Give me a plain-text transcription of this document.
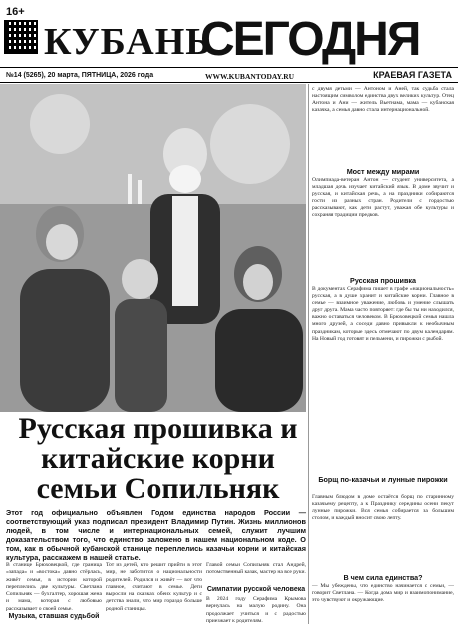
16+
КУБАНЬ
СЕГОДНЯ
№14 (5265), 20 марта, ПЯТНИЦА, 2026 года	WWW.KUBANTODAY.RU	КРАЕВАЯ ГАЗЕТА
Русская прошивка и китайские корни семьи Сопильняк
Этот год официально объявлен Годом единства народов России — соответствующий указ подписал президент Владимир Путин. Жизнь миллионов людей, в том числе и интернациональных семей, служит лучшим доказательством того, что единство заложено в нашем национальном коде. О том, как в обычной кубанской станице переплелись казачьи корни и китайская культура, расскажем в нашей статье.
В станице Брюховецкой, где граница «запада» и «востока» давно стёрлась, живёт семья, в истории которой переплелись две культуры. Светлана Сопильняк — бухгалтер, хорошая жена и мама, которая с любовью рассказывает о своей семье.
Музыка, ставшая судьбой
Тот из детей, кто решит прийти в этот мир, не заботится о национальности родителей. Родился и живёт — вот что главное, считают в семье. Дети выросли на сказках обеих культур и с детства знали, что мир гораздо больше родной станицы.
Главой семьи Сопильняк стал Андрей, потомственный казак, мастер на все руки.
Симпатии русской человека
В 2024 году Серафима Крымова вернулась на малую родину. Она продолжает учиться и с радостью приезжает к родителям.
с двумя детьми — Антоном и Аней, так судьба стала настоящим символом единства двух великих культур. Отец Антона и Ани — житель Вьетнама, мама — кубанская казачка, а семья давно стала интернациональной.
Мост между мирами
Олимпиада-ветеран Антон — студент университета, а младшая дочь изучает китайский язык. В доме звучит и русская, и китайская речь, а на праздники собираются гости из разных стран. Родители с гордостью рассказывают, как дети растут, уважая обе культуры и сохраняя традиции предков.
Русская прошивка
В документах Серафима пишет в графе «национальность» русская, а в душе хранит и китайские корни. Главное в семье — взаимное уважение, любовь и умение слышать друг друга. Мама часто повторяет: где бы ты ни находился, важно оставаться человеком. В Брюховецкой семья нашла много друзей, а соседи давно привыкли к необычным праздникам, которые здесь отмечают по двум календарям. На Новый год готовят и пельмени, и пирожки с рыбой.
Борщ по-казачьи и лунные пирожки
Главным блюдом в доме остаётся борщ по старинному казачьему рецепту, а к Празднику середины осени пекут лунные пирожки. Вся семья собирается за большим столом, и каждый вносит свою лепту.
В чем сила единства?
— Мы убеждены, что единство начинается с семьи, — говорит Светлана. — Когда дома мир и взаимопонимание, это чувствуют и окружающие.
